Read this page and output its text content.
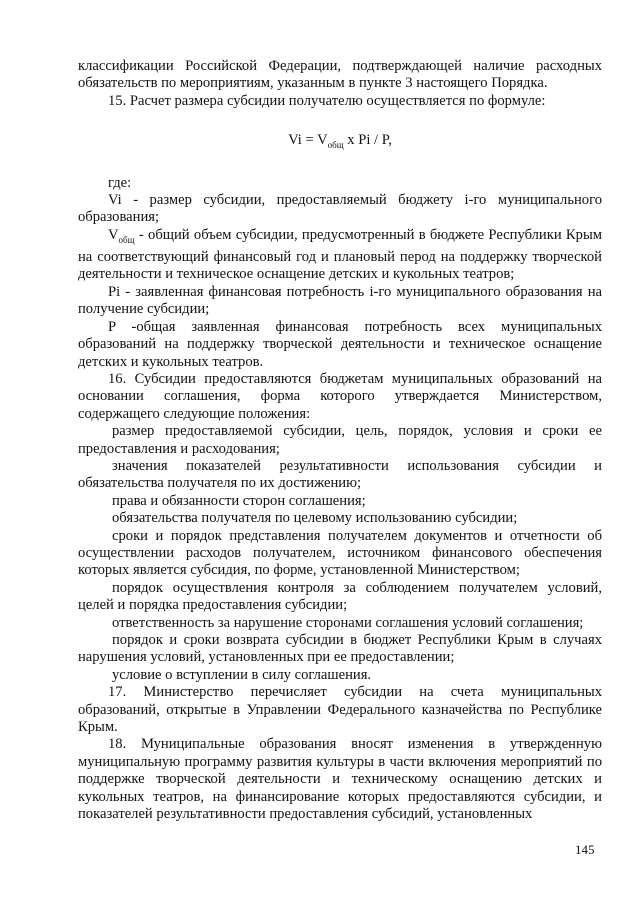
классификации Российской Федерации, подтверждающей наличие расходных обязательств по мероприятиям, указанным в пункте 3 настоящего Порядка.

15. Расчет размера субсидии получателю осуществляется по формуле:

$Vi = V_{общ}$ x Pi / P,

где:

Vi - размер субсидии, предоставляемый бюджету i-го муниципального образования;

$V_{общ}$ - общий объем субсидии, предусмотренный в бюджете Республики Крым на соответствующий финансовый год и плановый перод на поддержку творческой деятельности и техническое оснащение детских и кукольных театров;

Pi - заявленная финансовая потребность i-го муниципального образования на получение субсидии;

P -общая заявленная финансовая потребность всех муниципальных образований на поддержку творческой деятельности и техническое оснащение детских и кукольных театров.

16. Субсидии предоставляются бюджетам муниципальных образований на основании соглашения, форма которого утверждается Министерством, содержащего следующие положения:

размер предоставляемой субсидии, цель, порядок, условия и сроки ее предоставления и расходования;

значения показателей результативности использования субсидии и обязательства получателя по их достижению;

права и обязанности сторон соглашения;

обязательства получателя по целевому использованию субсидии;

сроки и порядок представления получателем документов и отчетности об осуществлении расходов получателем, источником финансового обеспечения которых является субсидия, по форме, установленной Министерством;

порядок осуществления контроля за соблюдением получателем условий, целей и порядка предоставления субсидии;

ответственность за нарушение сторонами соглашения условий соглашения;

порядок и сроки возврата субсидии в бюджет Республики Крым в случаях нарушения условий, установленных при ее предоставлении;

условие о вступлении в силу соглашения.

17. Министерство перечисляет субсидии на счета муниципальных образований, открытые в Управлении Федерального казначейства по Республике Крым.

18. Муниципальные образования вносят изменения в утвержденную муниципальную программу развития культуры в части включения мероприятий по поддержке творческой деятельности и техническому оснащению детских и кукольных театров, на финансирование которых предоставляются субсидии, и показателей результативности предоставления субсидий, установленных

145
